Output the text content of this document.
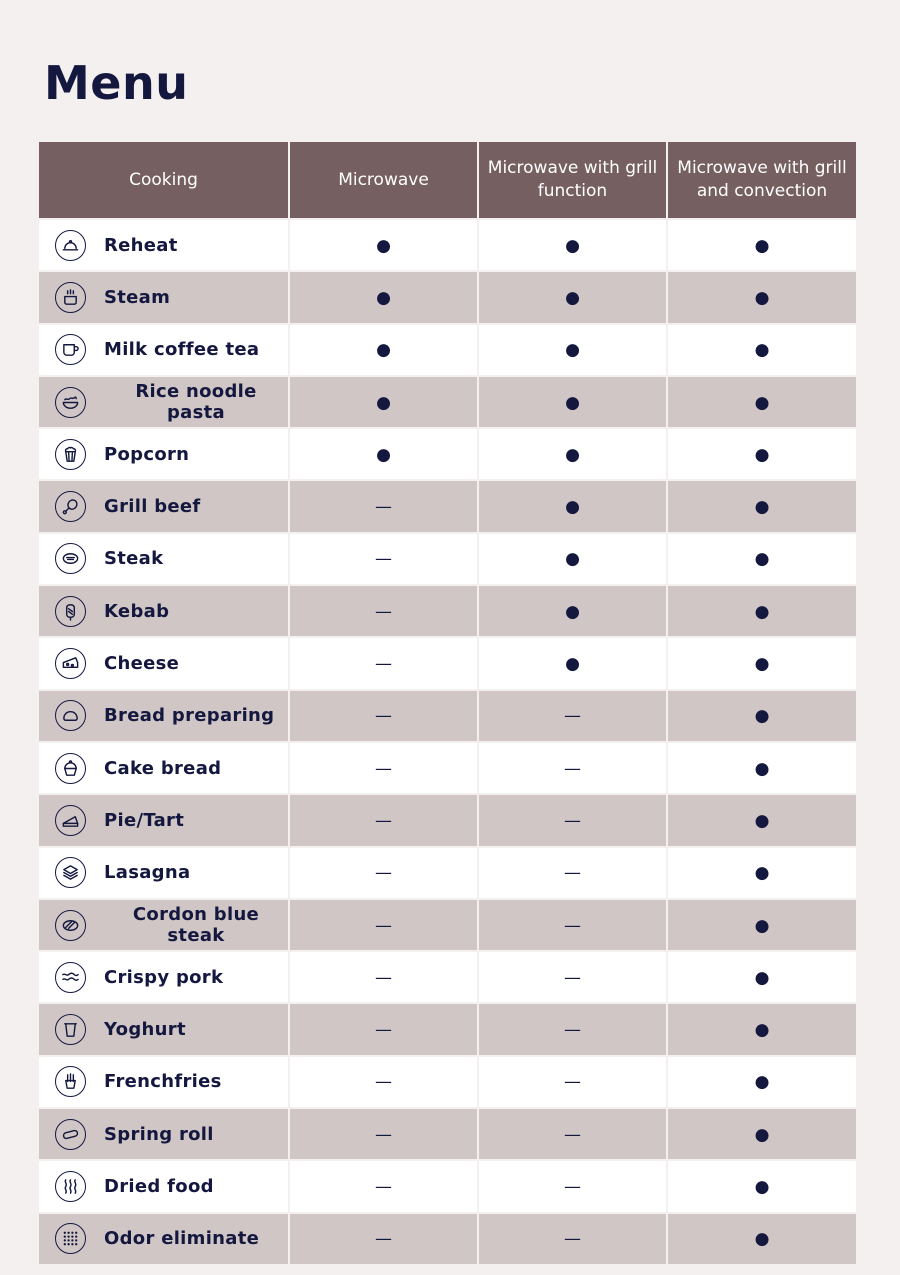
Menu
Cooking	Microwave	Microwave with grill function	Microwave with grill and convection

Reheat	●	●	●

Steam	●	●	●

Milk coffee tea	●	●	●

Rice noodle pasta	●	●	●

Popcorn	●	●	●

Grill beef	—	●	●

Steak	—	●	●

Kebab	—	●	●

Cheese	—	●	●

Bread preparing	—	—	●

Cake bread	—	—	●

Pie/Tart	—	—	●

Lasagna	—	—	●

Cordon blue steak	—	—	●

Crispy pork	—	—	●

Yoghurt	—	—	●

Frenchfries	—	—	●

Spring roll	—	—	●

Dried food	—	—	●

Odor eliminate	—	—	●
